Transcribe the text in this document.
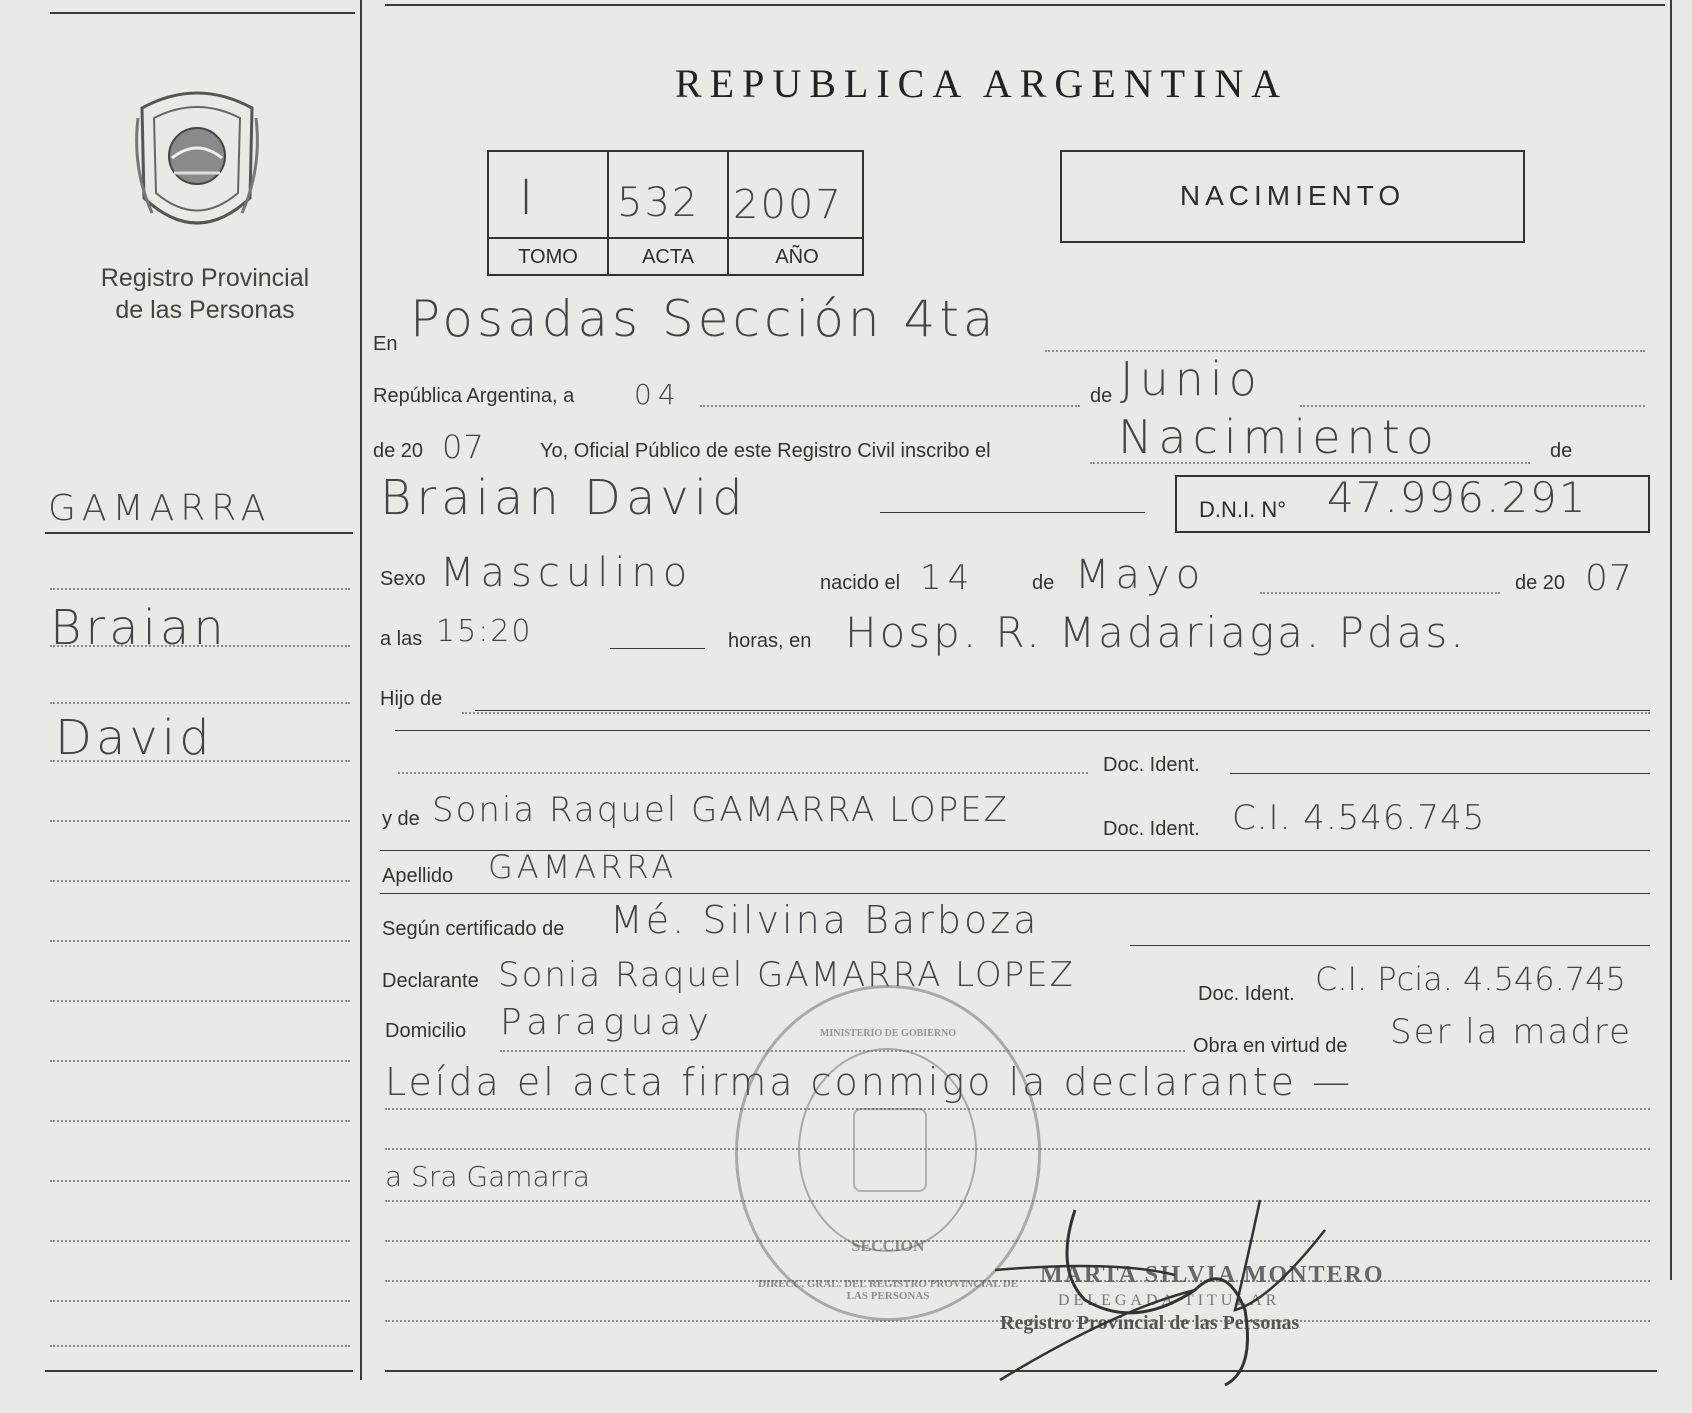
Registro Provincial
de las Personas
GAMARRA
Braian
David
REPUBLICA ARGENTINA
I 532 2007
TOMO	ACTA	AÑO
NACIMIENTO
En Posadas Sección 4ta
República Argentina, a 04	de Junio
de 20 07	Yo, Oficial Público de este Registro Civil inscribo el	Nacimiento	de
Braian David	D.N.I. N° 47.996.291
Sexo Masculino	nacido el 14	de Mayo	de 20 07
a las 15:20	horas, en Hosp. R. Madariaga. Pdas.
Hijo de
Doc. Ident.
y de Sonia Raquel GAMARRA LOPEZ	Doc. Ident. C.I. 4.546.745
Apellido GAMARRA
Según certificado de Mé. Silvina Barboza
Declarante Sonia Raquel GAMARRA LOPEZ	Doc. Ident. C.I. Pcia. 4.546.745
Domicilio Paraguay
Obra en virtud de Ser la madre
Leída el acta firma conmigo la declarante —
a Sra Gamarra
DIRECC. GRAL. DEL REGISTRO PROVINCIAL DE LAS PERSONAS
MINISTERIO DE GOBIERNO
SECCION
MARTA SILVIA MONTERO
DELEGADA TITULAR
Registro Provincial de las Personas
